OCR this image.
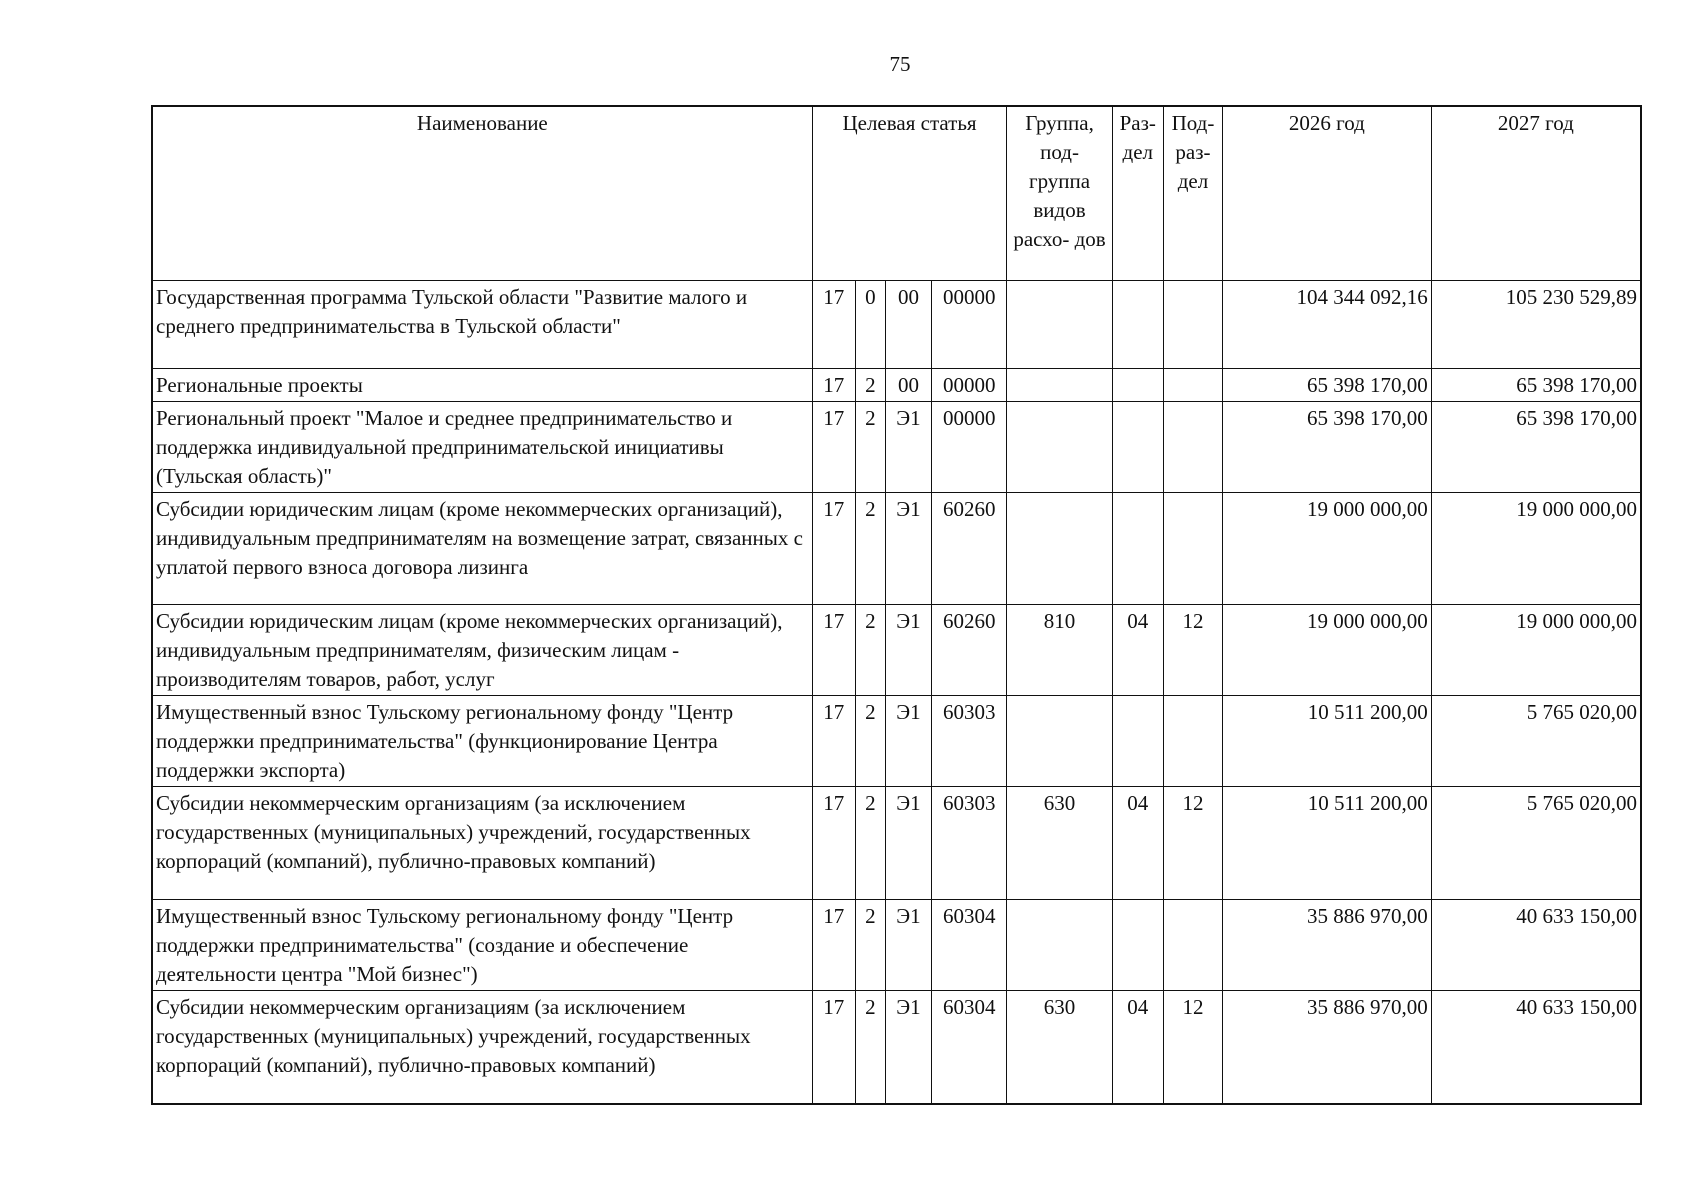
75
Наименование	Целевая статья				Группа, под- группа видов расхо- дов	Раз- дел	Под- раз- дел	2026 год	2027 год
Государственная программа Тульской области "Развитие малого и среднего предпринимательства в Тульской области"	17	0	00	00000				104 344 092,16	105 230 529,89
Региональные проекты	17	2	00	00000				65 398 170,00	65 398 170,00
Региональный проект "Малое и среднее предпринимательство и поддержка индивидуальной предпринимательской инициативы (Тульская область)"	17	2	Э1	00000				65 398 170,00	65 398 170,00
Субсидии юридическим лицам (кроме некоммерческих организаций), индивидуальным предпринимателям на возмещение затрат, связанных с уплатой первого взноса договора лизинга	17	2	Э1	60260				19 000 000,00	19 000 000,00
Субсидии юридическим лицам (кроме некоммерческих организаций), индивидуальным предпринимателям, физическим лицам - производителям товаров, работ, услуг	17	2	Э1	60260	810	04	12	19 000 000,00	19 000 000,00
Имущественный взнос Тульскому региональному фонду "Центр поддержки предпринимательства" (функционирование Центра поддержки экспорта)	17	2	Э1	60303				10 511 200,00	5 765 020,00
Субсидии некоммерческим организациям (за исключением государственных (муниципальных) учреждений, государственных корпораций (компаний), публично-правовых компаний)	17	2	Э1	60303	630	04	12	10 511 200,00	5 765 020,00
Имущественный взнос Тульскому региональному фонду "Центр поддержки предпринимательства" (создание и обеспечение деятельности центра "Мой бизнес")	17	2	Э1	60304				35 886 970,00	40 633 150,00
Субсидии некоммерческим организациям (за исключением государственных (муниципальных) учреждений, государственных корпораций (компаний), публично-правовых компаний)	17	2	Э1	60304	630	04	12	35 886 970,00	40 633 150,00
